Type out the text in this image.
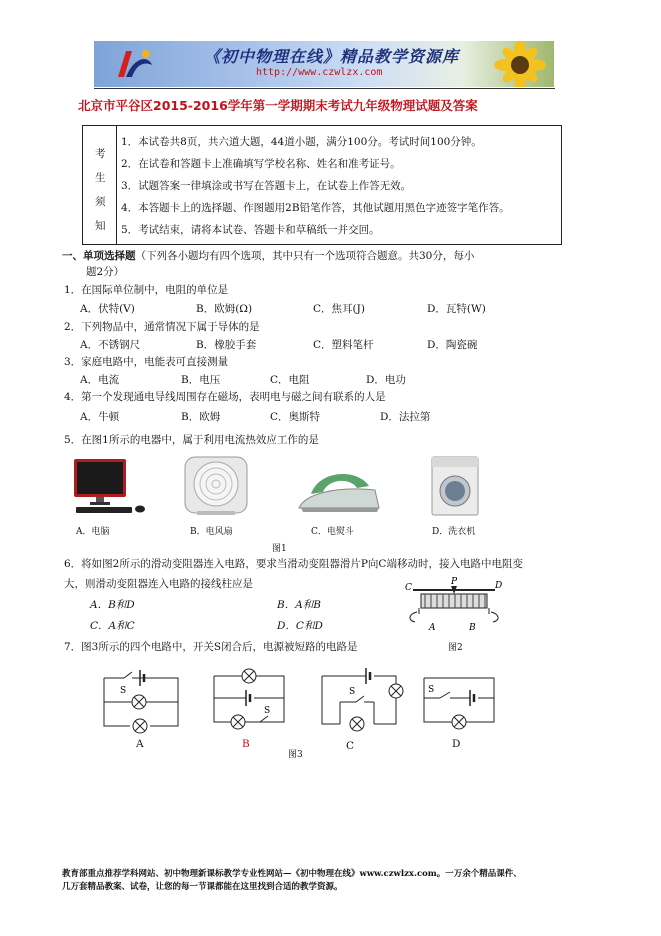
《初中物理在线》精品教学资源库
http://www.czwlzx.com
北京市平谷区2015-2016学年第一学期期末考试九年级物理试题及答案
考
生
须
知
1．本试卷共8页，共六道大题，44道小题，满分100分。考试时间100分钟。
2．在试卷和答题卡上准确填写学校名称、姓名和准考证号。
3．试题答案一律填涂或书写在答题卡上，在试卷上作答无效。
4．本答题卡上的选择题、作图题用2B铅笔作答，其他试题用黑色字迹签字笔作答。
5．考试结束，请将本试卷、答题卡和草稿纸一并交回。
一、单项选择题（下列各小题均有四个选项，其中只有一个选项符合题意。共30分，每小
题2分）
1．在国际单位制中，电阻的单位是
A．伏特(V)	B．欧姆(Ω)	C．焦耳(J)	D．瓦特(W)
2．下列物品中，通常情况下属于导体的是
A．不锈钢尺	B．橡胶手套	C．塑料笔杆	D．陶瓷碗
3．家庭电路中，电能表可直接测量
A．电流	B．电压	C．电阻	D．电功
4．第一个发现通电导线周围存在磁场，表明电与磁之间有联系的人是
A．牛顿	B．欧姆	C．奥斯特	D．法拉第
5．在图1所示的电器中，属于利用电流热效应工作的是
A．电脑	B．电风扇	C．电熨斗	D．洗衣机
图1
6．将如图2所示的滑动变阻器连入电路，要求当滑动变阻器滑片P向C端移动时，接入电路中电阻变
大，则滑动变阻器连入电路的接线柱应是
A．B和D	B．A和B
C．A和C	D．C和D
P
C	D
A	B
图2
7．图3所示的四个电路中，开关S闭合后，电源被短路的电路是
S
A
S
B
S
C
S
D
图3
教育部重点推荐学科网站、初中物理新课标教学专业性网站—《初中物理在线》www.czwlzx.com。一万余个精品课件、
几万套精品教案、试卷，让您的每一节课都能在这里找到合适的教学资源。
